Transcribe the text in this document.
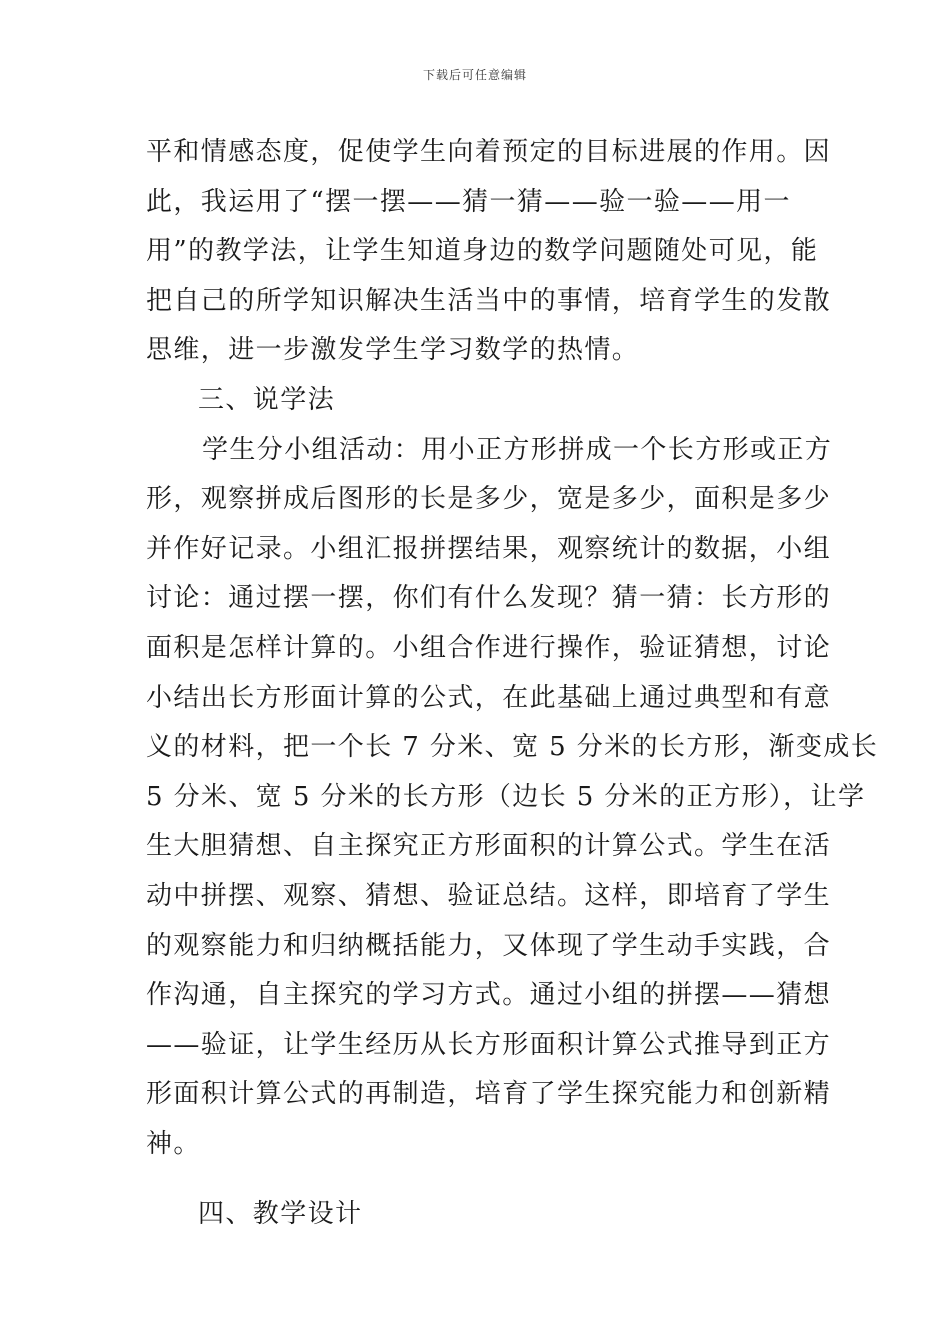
下载后可任意编辑
平和情感态度，促使学生向着预定的目标进展的作用。因
此，我运用了“摆一摆——猜一猜——验一验——用一
用”的教学法，让学生知道身边的数学问题随处可见，能
把自己的所学知识解决生活当中的事情，培育学生的发散
思维，进一步激发学生学习数学的热情。
三、说学法
学生分小组活动：用小正方形拼成一个长方形或正方
形，观察拼成后图形的长是多少，宽是多少，面积是多少
并作好记录。小组汇报拼摆结果，观察统计的数据，小组
讨论：通过摆一摆，你们有什么发现？猜一猜：长方形的
面积是怎样计算的。小组合作进行操作，验证猜想，讨论
小结出长方形面计算的公式，在此基础上通过典型和有意
义的材料，把一个长 7 分米、宽 5 分米的长方形，渐变成长
5 分米、宽 5 分米的长方形（边长 5 分米的正方形），让学
生大胆猜想、自主探究正方形面积的计算公式。学生在活
动中拼摆、观察、猜想、验证总结。这样，即培育了学生
的观察能力和归纳概括能力，又体现了学生动手实践，合
作沟通，自主探究的学习方式。通过小组的拼摆——猜想
——验证，让学生经历从长方形面积计算公式推导到正方
形面积计算公式的再制造，培育了学生探究能力和创新精
神。
四、教学设计
